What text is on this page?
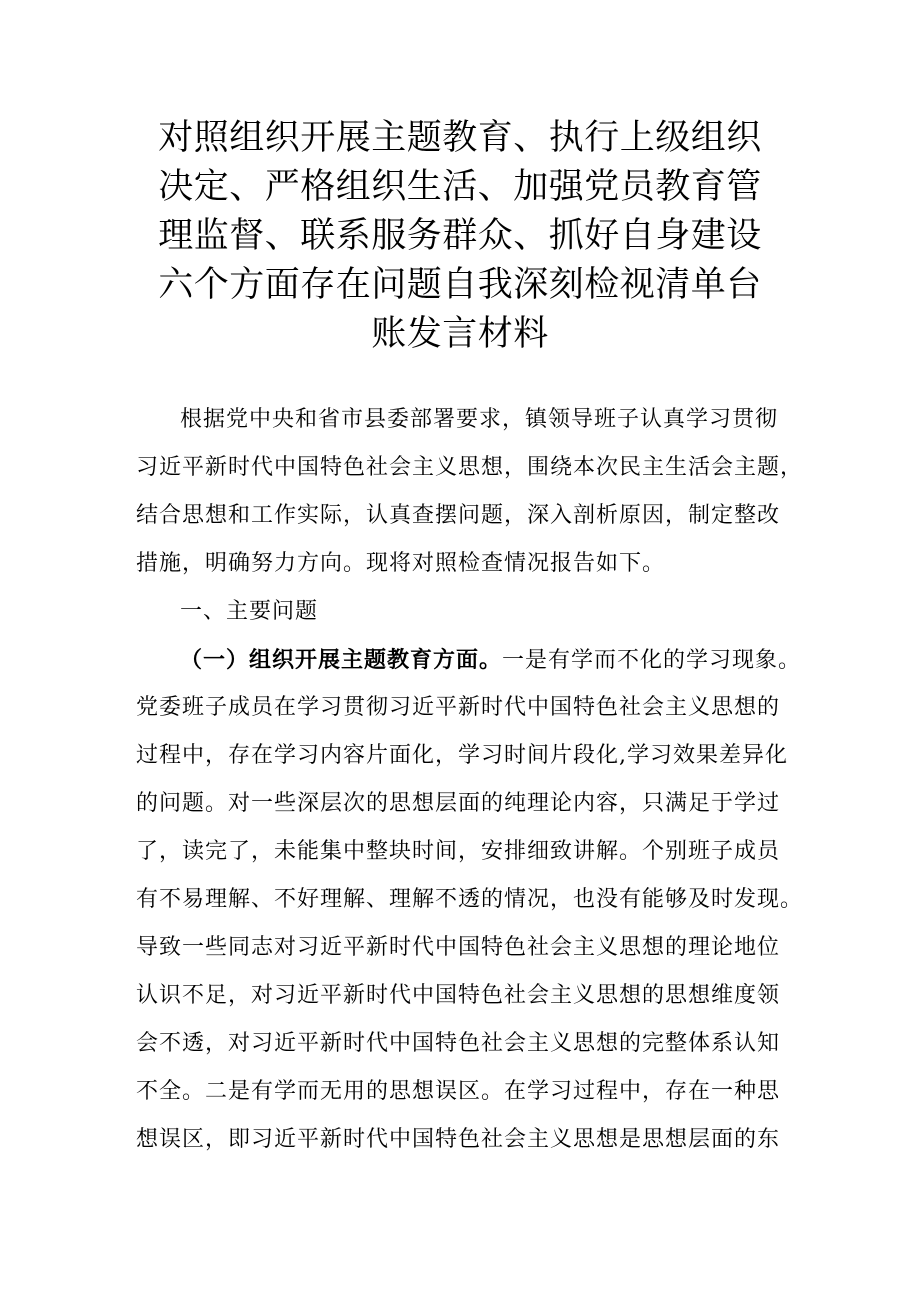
对照组织开展主题教育、执行上级组织
决定、严格组织生活、加强党员教育管
理监督、联系服务群众、抓好自身建设
六个方面存在问题自我深刻检视清单台
账发言材料
根据党中央和省市县委部署要求，镇领导班子认真学习贯彻
习近平新时代中国特色社会主义思想，围绕本次民主生活会主题，
结合思想和工作实际，认真查摆问题，深入剖析原因，制定整改
措施，明确努力方向。现将对照检查情况报告如下。
一、主要问题
（一）组织开展主题教育方面。一是有学而不化的学习现象。
党委班子成员在学习贯彻习近平新时代中国特色社会主义思想的
过程中，存在学习内容片面化，学习时间片段化,学习效果差异化
的问题。对一些深层次的思想层面的纯理论内容，只满足于学过
了，读完了，未能集中整块时间，安排细致讲解。个别班子成员
有不易理解、不好理解、理解不透的情况，也没有能够及时发现。
导致一些同志对习近平新时代中国特色社会主义思想的理论地位
认识不足，对习近平新时代中国特色社会主义思想的思想维度领
会不透，对习近平新时代中国特色社会主义思想的完整体系认知
不全。二是有学而无用的思想误区。在学习过程中，存在一种思
想误区，即习近平新时代中国特色社会主义思想是思想层面的东
